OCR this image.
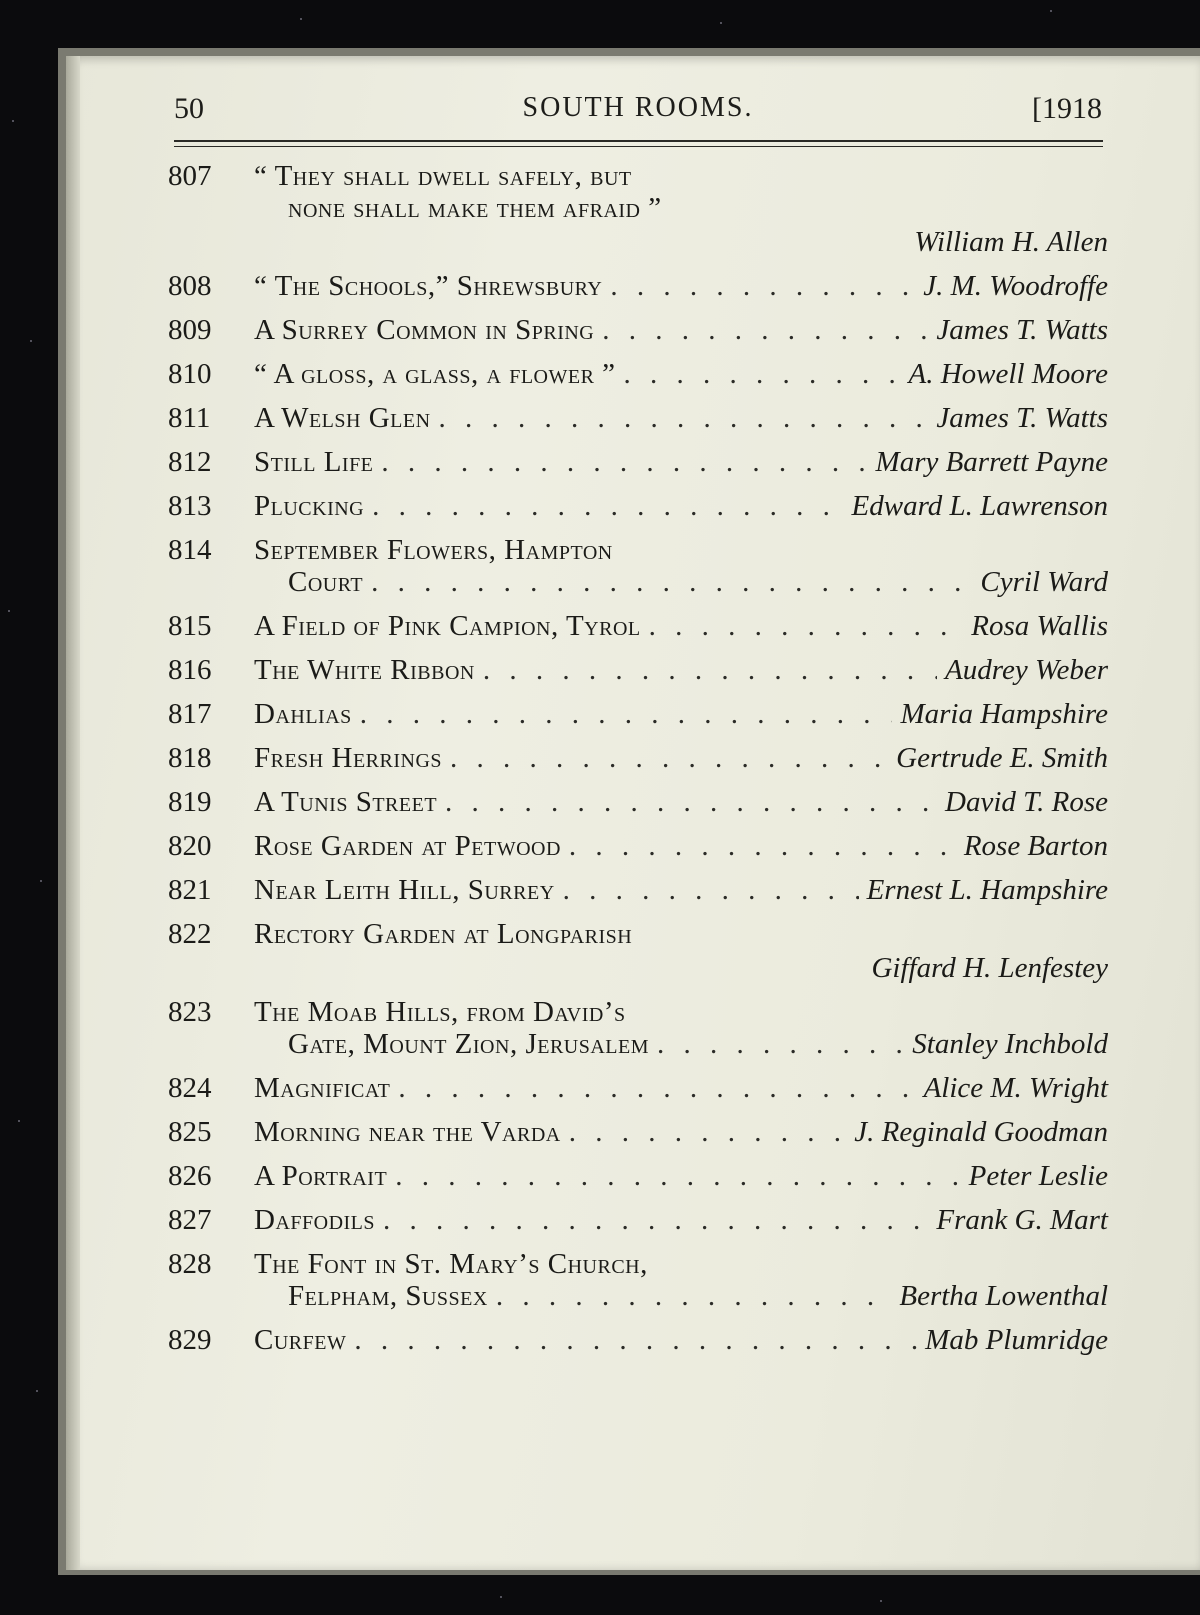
50	SOUTH ROOMS.	[1918
807	“ They shall dwell safely, but
none shall make them afraid ”
William H. Allen
808	“ The Schools,” Shrewsbury . . .	J. M. Woodroffe
809	A Surrey Common in Spring . . .	James T. Watts
810	“ A gloss, a glass, a flower ” . . .	A. Howell Moore
811	A Welsh Glen . . .	James T. Watts
812	Still Life . . .	Mary Barrett Payne
813	Plucking . . .	Edward L. Lawrenson
814	September Flowers, Hampton
Court . . .	Cyril Ward
815	A Field of Pink Campion, Tyrol . . .	Rosa Wallis
816	The White Ribbon . . .	Audrey Weber
817	Dahlias . . .	Maria Hampshire
818	Fresh Herrings . . .	Gertrude E. Smith
819	A Tunis Street . . .	David T. Rose
820	Rose Garden at Petwood . . .	Rose Barton
821	Near Leith Hill, Surrey . . .	Ernest L. Hampshire
822	Rectory Garden at Longparish
Giffard H. Lenfestey
823	The Moab Hills, from David’s
Gate, Mount Zion, Jerusalem . . .	Stanley Inchbold
824	Magnificat . . .	Alice M. Wright
825	Morning near the Varda . . .	J. Reginald Goodman
826	A Portrait . . .	Peter Leslie
827	Daffodils . . .	Frank G. Mart
828	The Font in St. Mary’s Church,
Felpham, Sussex . . .	Bertha Lowenthal
829	Curfew . . .	Mab Plumridge
